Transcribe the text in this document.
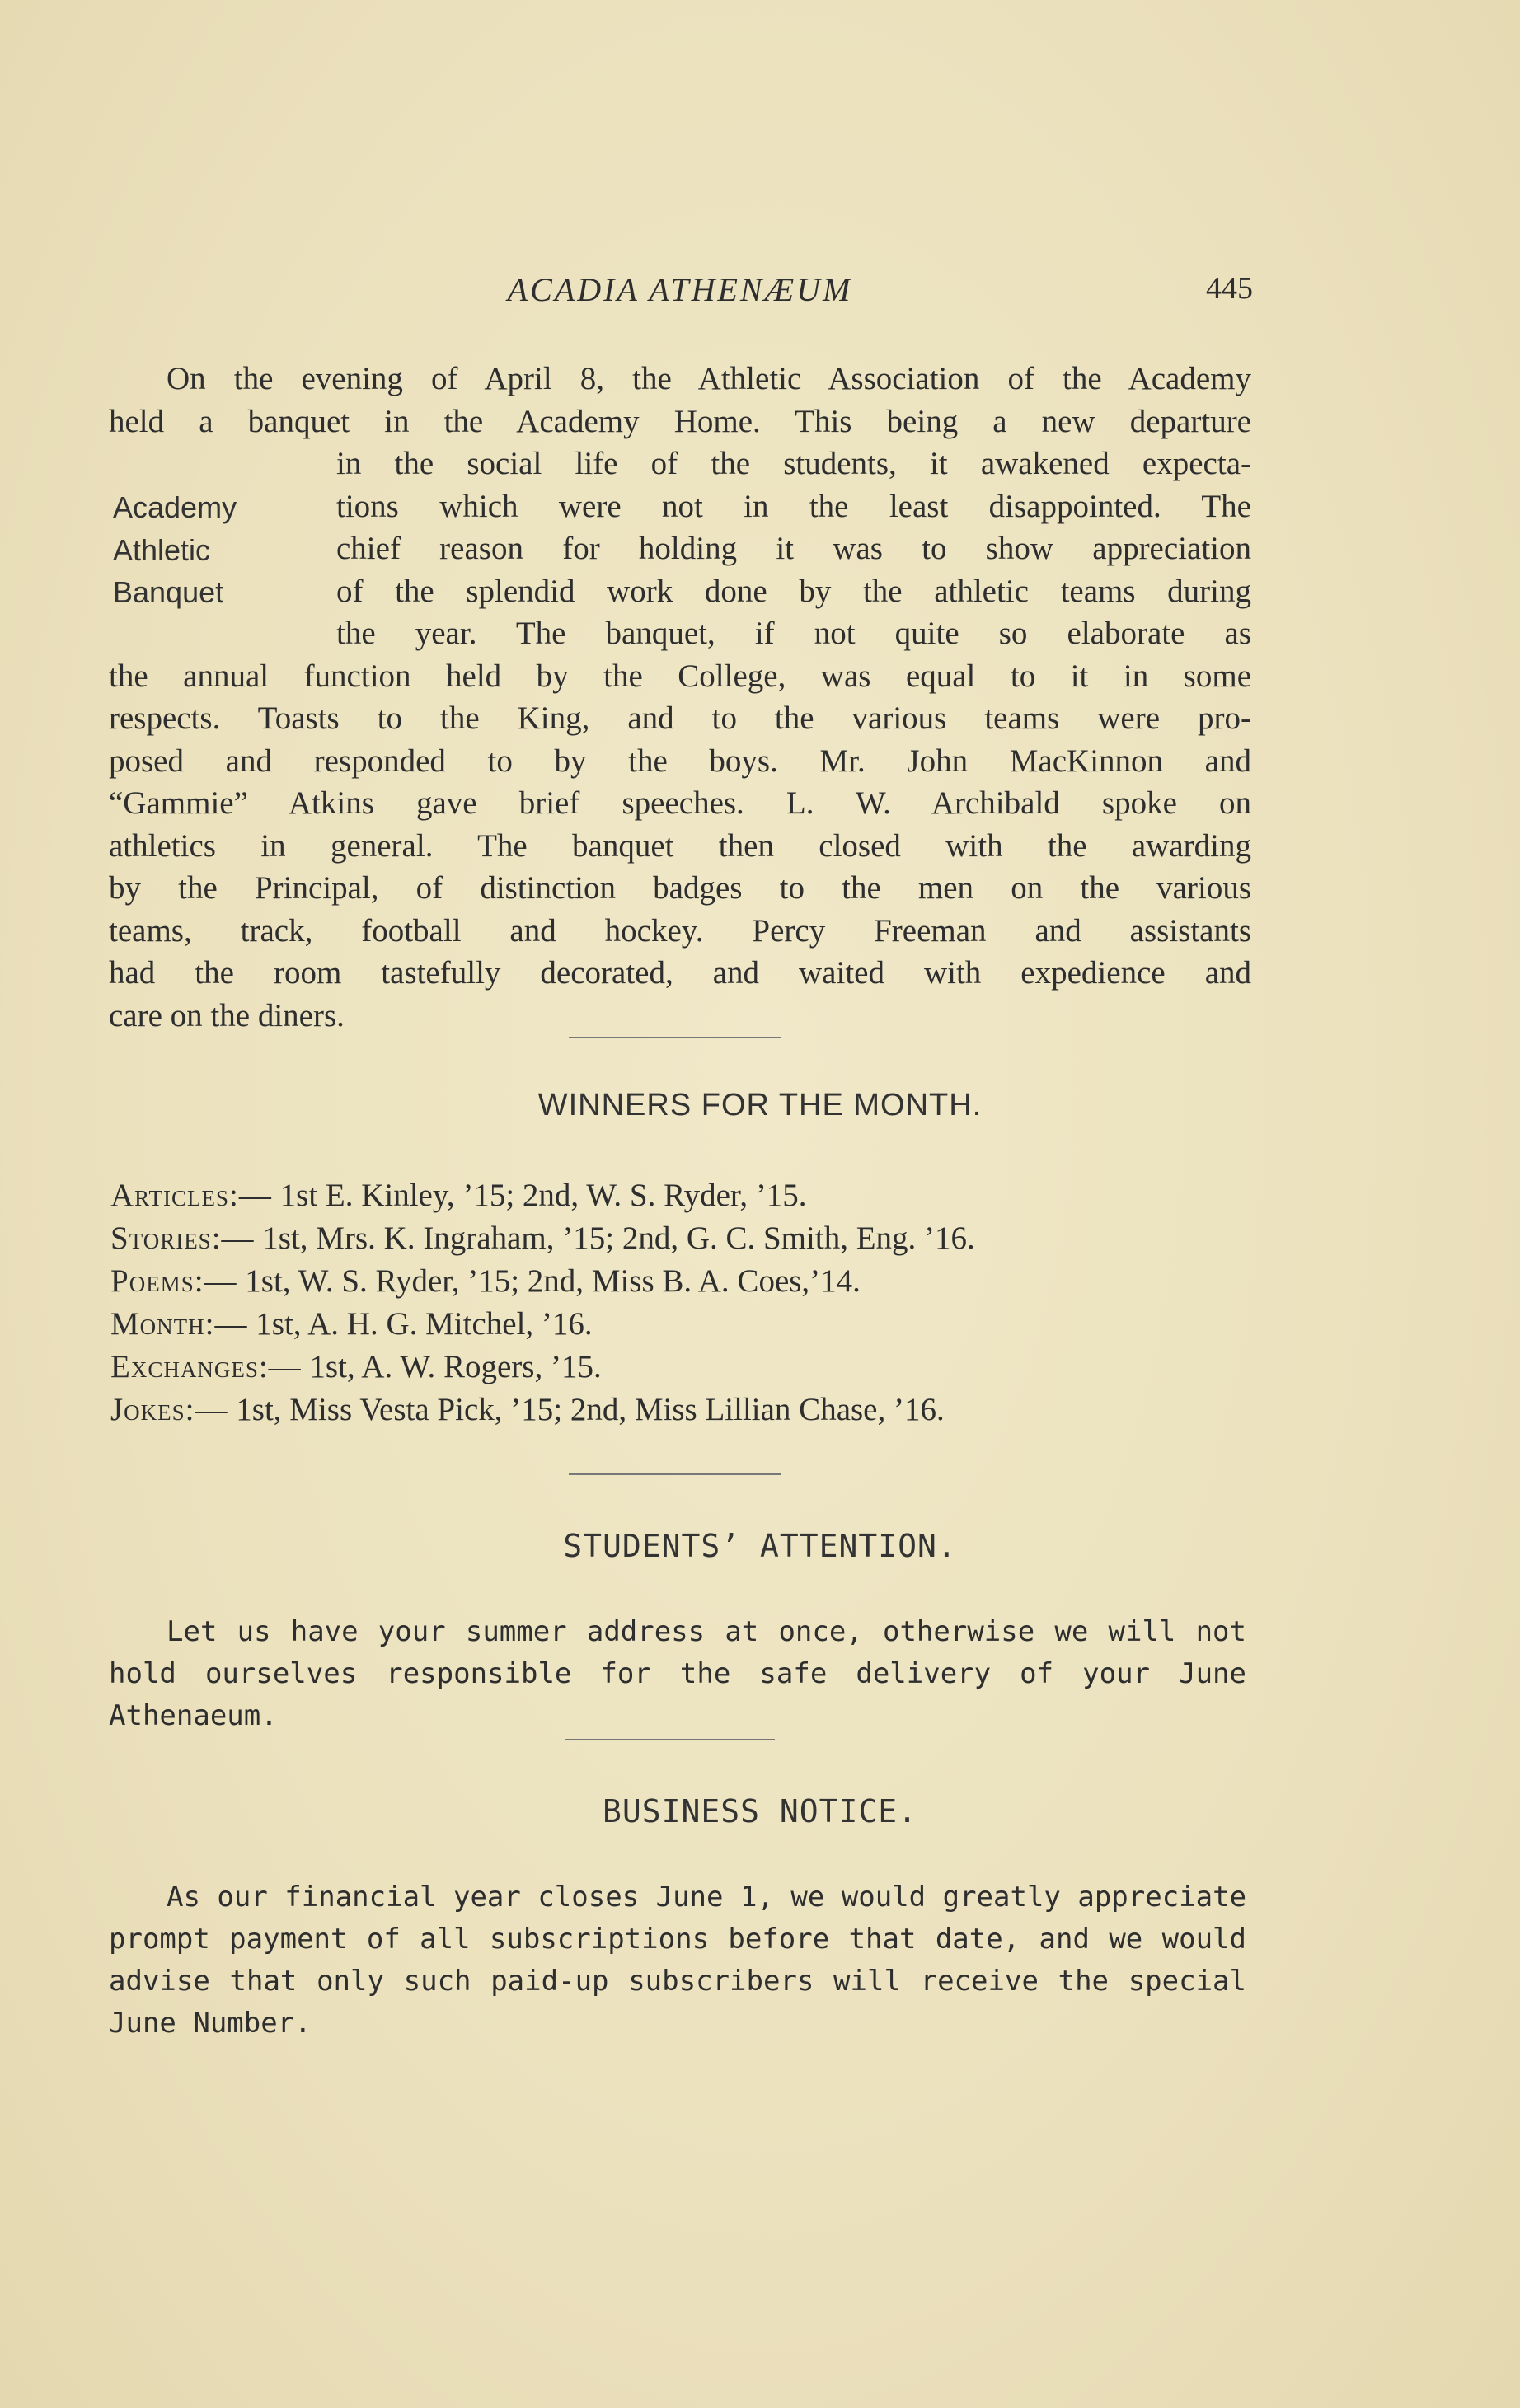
ACADIA ATHENÆUM	445
Academy
Athletic
Banquet
On the evening of April 8, the Athletic Association of the Academy
held a banquet in the Academy Home. This being a new departure
in the social life of the students, it awakened expecta-
tions which were not in the least disappointed. The
chief reason for holding it was to show appreciation
of the splendid work done by the athletic teams during
the year. The banquet, if not quite so elaborate as
the annual function held by the College, was equal to it in some
respects. Toasts to the King, and to the various teams were pro-
posed and responded to by the boys. Mr. John MacKinnon and
“Gammie” Atkins gave brief speeches. L. W. Archibald spoke on
athletics in general. The banquet then closed with the awarding
by the Principal, of distinction badges to the men on the various
teams, track, football and hockey. Percy Freeman and assistants
had the room tastefully decorated, and waited with expedience and
care on the diners.
WINNERS FOR THE MONTH.
Articles:— 1st E. Kinley, ’15; 2nd, W. S. Ryder, ’15.
Stories:— 1st, Mrs. K. Ingraham, ’15; 2nd, G. C. Smith, Eng. ’16.
Poems:— 1st, W. S. Ryder, ’15; 2nd, Miss B. A. Coes,’14.
Month:— 1st, A. H. G. Mitchel, ’16.
Exchanges:— 1st, A. W. Rogers, ’15.
Jokes:— 1st, Miss Vesta Pick, ’15; 2nd, Miss Lillian Chase, ’16.
STUDENTS’ ATTENTION.
Let us have your summer address at once, otherwise we will not
hold ourselves responsible for the safe delivery of your June
Athenaeum.
BUSINESS NOTICE.
As our financial year closes June 1, we would greatly appreciate
prompt payment of all subscriptions before that date, and we would
advise that only such paid-up subscribers will receive the special
June Number.
